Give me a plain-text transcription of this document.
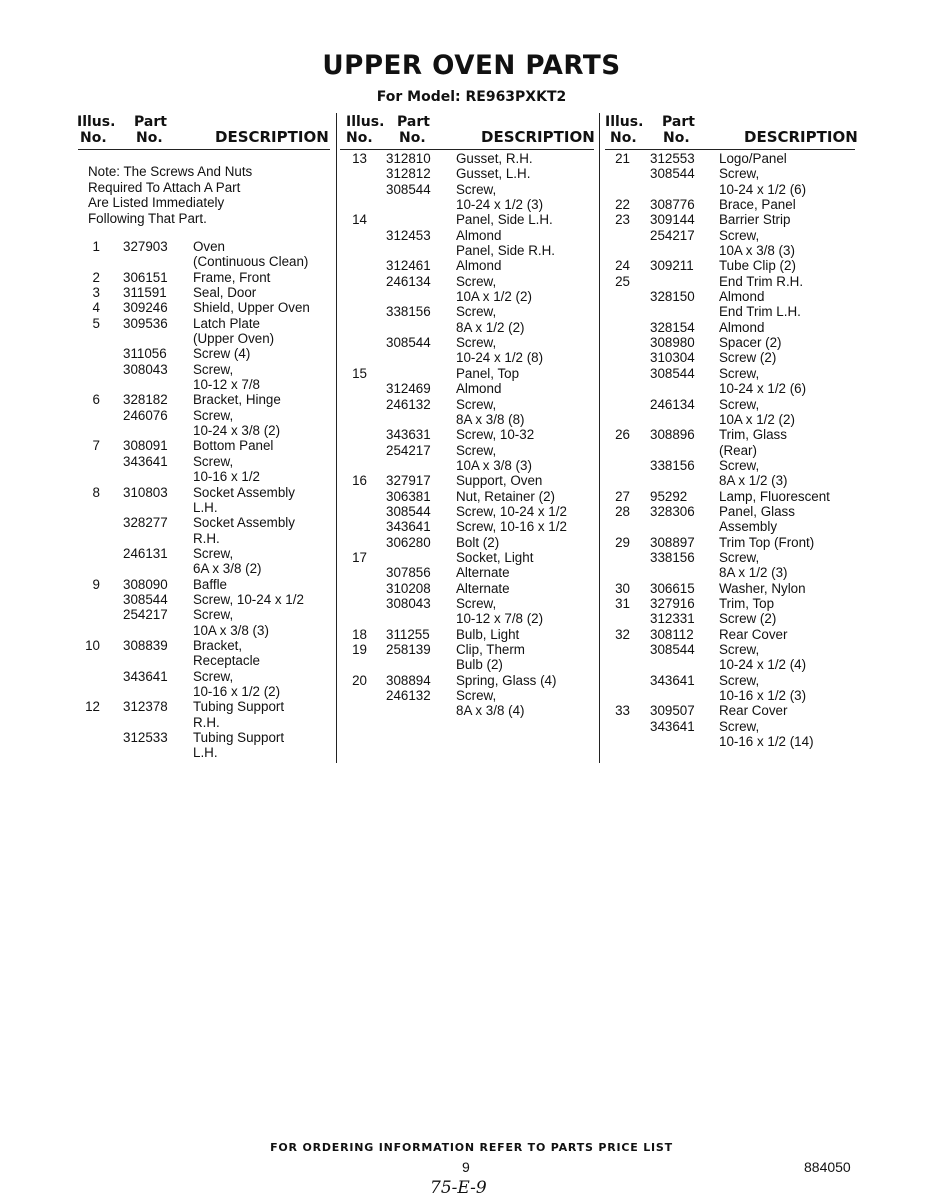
UPPER OVEN PARTS
For Model: RE963PXKT2
Illus.
No.
Part
No.	DESCRIPTION
Note: The Screws And Nuts
Required To Attach A Part
Are Listed Immediately
Following That Part.
1 327903 Oven
(Continuous Clean)
2 306151 Frame, Front
3 311591 Seal, Door
4 309246 Shield, Upper Oven
5 309536 Latch Plate
(Upper Oven)
311056 Screw (4)
308043 Screw,
10-12 x 7/8
6 328182 Bracket, Hinge
246076 Screw,
10-24 x 3/8 (2)
7 308091 Bottom Panel
343641 Screw,
10-16 x 1/2
8 310803 Socket Assembly
L.H.
328277 Socket Assembly
R.H.
246131 Screw,
6A x 3/8 (2)
9 308090 Baffle
308544 Screw, 10-24 x 1/2
254217 Screw,
10A x 3/8 (3)
10 308839 Bracket,
Receptacle
343641 Screw,
10-16 x 1/2 (2)
12 312378 Tubing Support
R.H.
312533 Tubing Support
L.H.
Illus.
No.
Part
No.	DESCRIPTION
13 312810 Gusset, R.H.
312812 Gusset, L.H.
308544 Screw,
10-24 x 1/2 (3)
14	Panel, Side L.H.
312453 Almond
Panel, Side R.H.
312461 Almond
246134 Screw,
10A x 1/2 (2)
338156 Screw,
8A x 1/2 (2)
308544 Screw,
10-24 x 1/2 (8)
15	Panel, Top
312469 Almond
246132 Screw,
8A x 3/8 (8)
343631 Screw, 10-32
254217 Screw,
10A x 3/8 (3)
16 327917 Support, Oven
306381 Nut, Retainer (2)
308544 Screw, 10-24 x 1/2
343641 Screw, 10-16 x 1/2
306280 Bolt (2)
17	Socket, Light
307856 Alternate
310208 Alternate
308043 Screw,
10-12 x 7/8 (2)
18 311255 Bulb, Light
19 258139 Clip, Therm
Bulb (2)
20 308894 Spring, Glass (4)
246132 Screw,
8A x 3/8 (4)
Illus.
No.
Part
No.	DESCRIPTION
21 312553 Logo/Panel
308544 Screw,
10-24 x 1/2 (6)
22 308776 Brace, Panel
23 309144 Barrier Strip
254217 Screw,
10A x 3/8 (3)
24 309211 Tube Clip (2)
25	End Trim R.H.
328150 Almond
End Trim L.H.
328154 Almond
308980 Spacer (2)
310304 Screw (2)
308544 Screw,
10-24 x 1/2 (6)
246134 Screw,
10A x 1/2 (2)
26 308896 Trim, Glass
(Rear)
338156 Screw,
8A x 1/2 (3)
27 95292 Lamp, Fluorescent
28 328306 Panel, Glass
Assembly
29 308897 Trim Top (Front)
338156 Screw,
8A x 1/2 (3)
30 306615 Washer, Nylon
31 327916 Trim, Top
312331 Screw (2)
32 308112 Rear Cover
308544 Screw,
10-24 x 1/2 (4)
343641 Screw,
10-16 x 1/2 (3)
33 309507 Rear Cover
343641 Screw,
10-16 x 1/2 (14)
FOR ORDERING INFORMATION REFER TO PARTS PRICE LIST
9	884050
75-E-9
